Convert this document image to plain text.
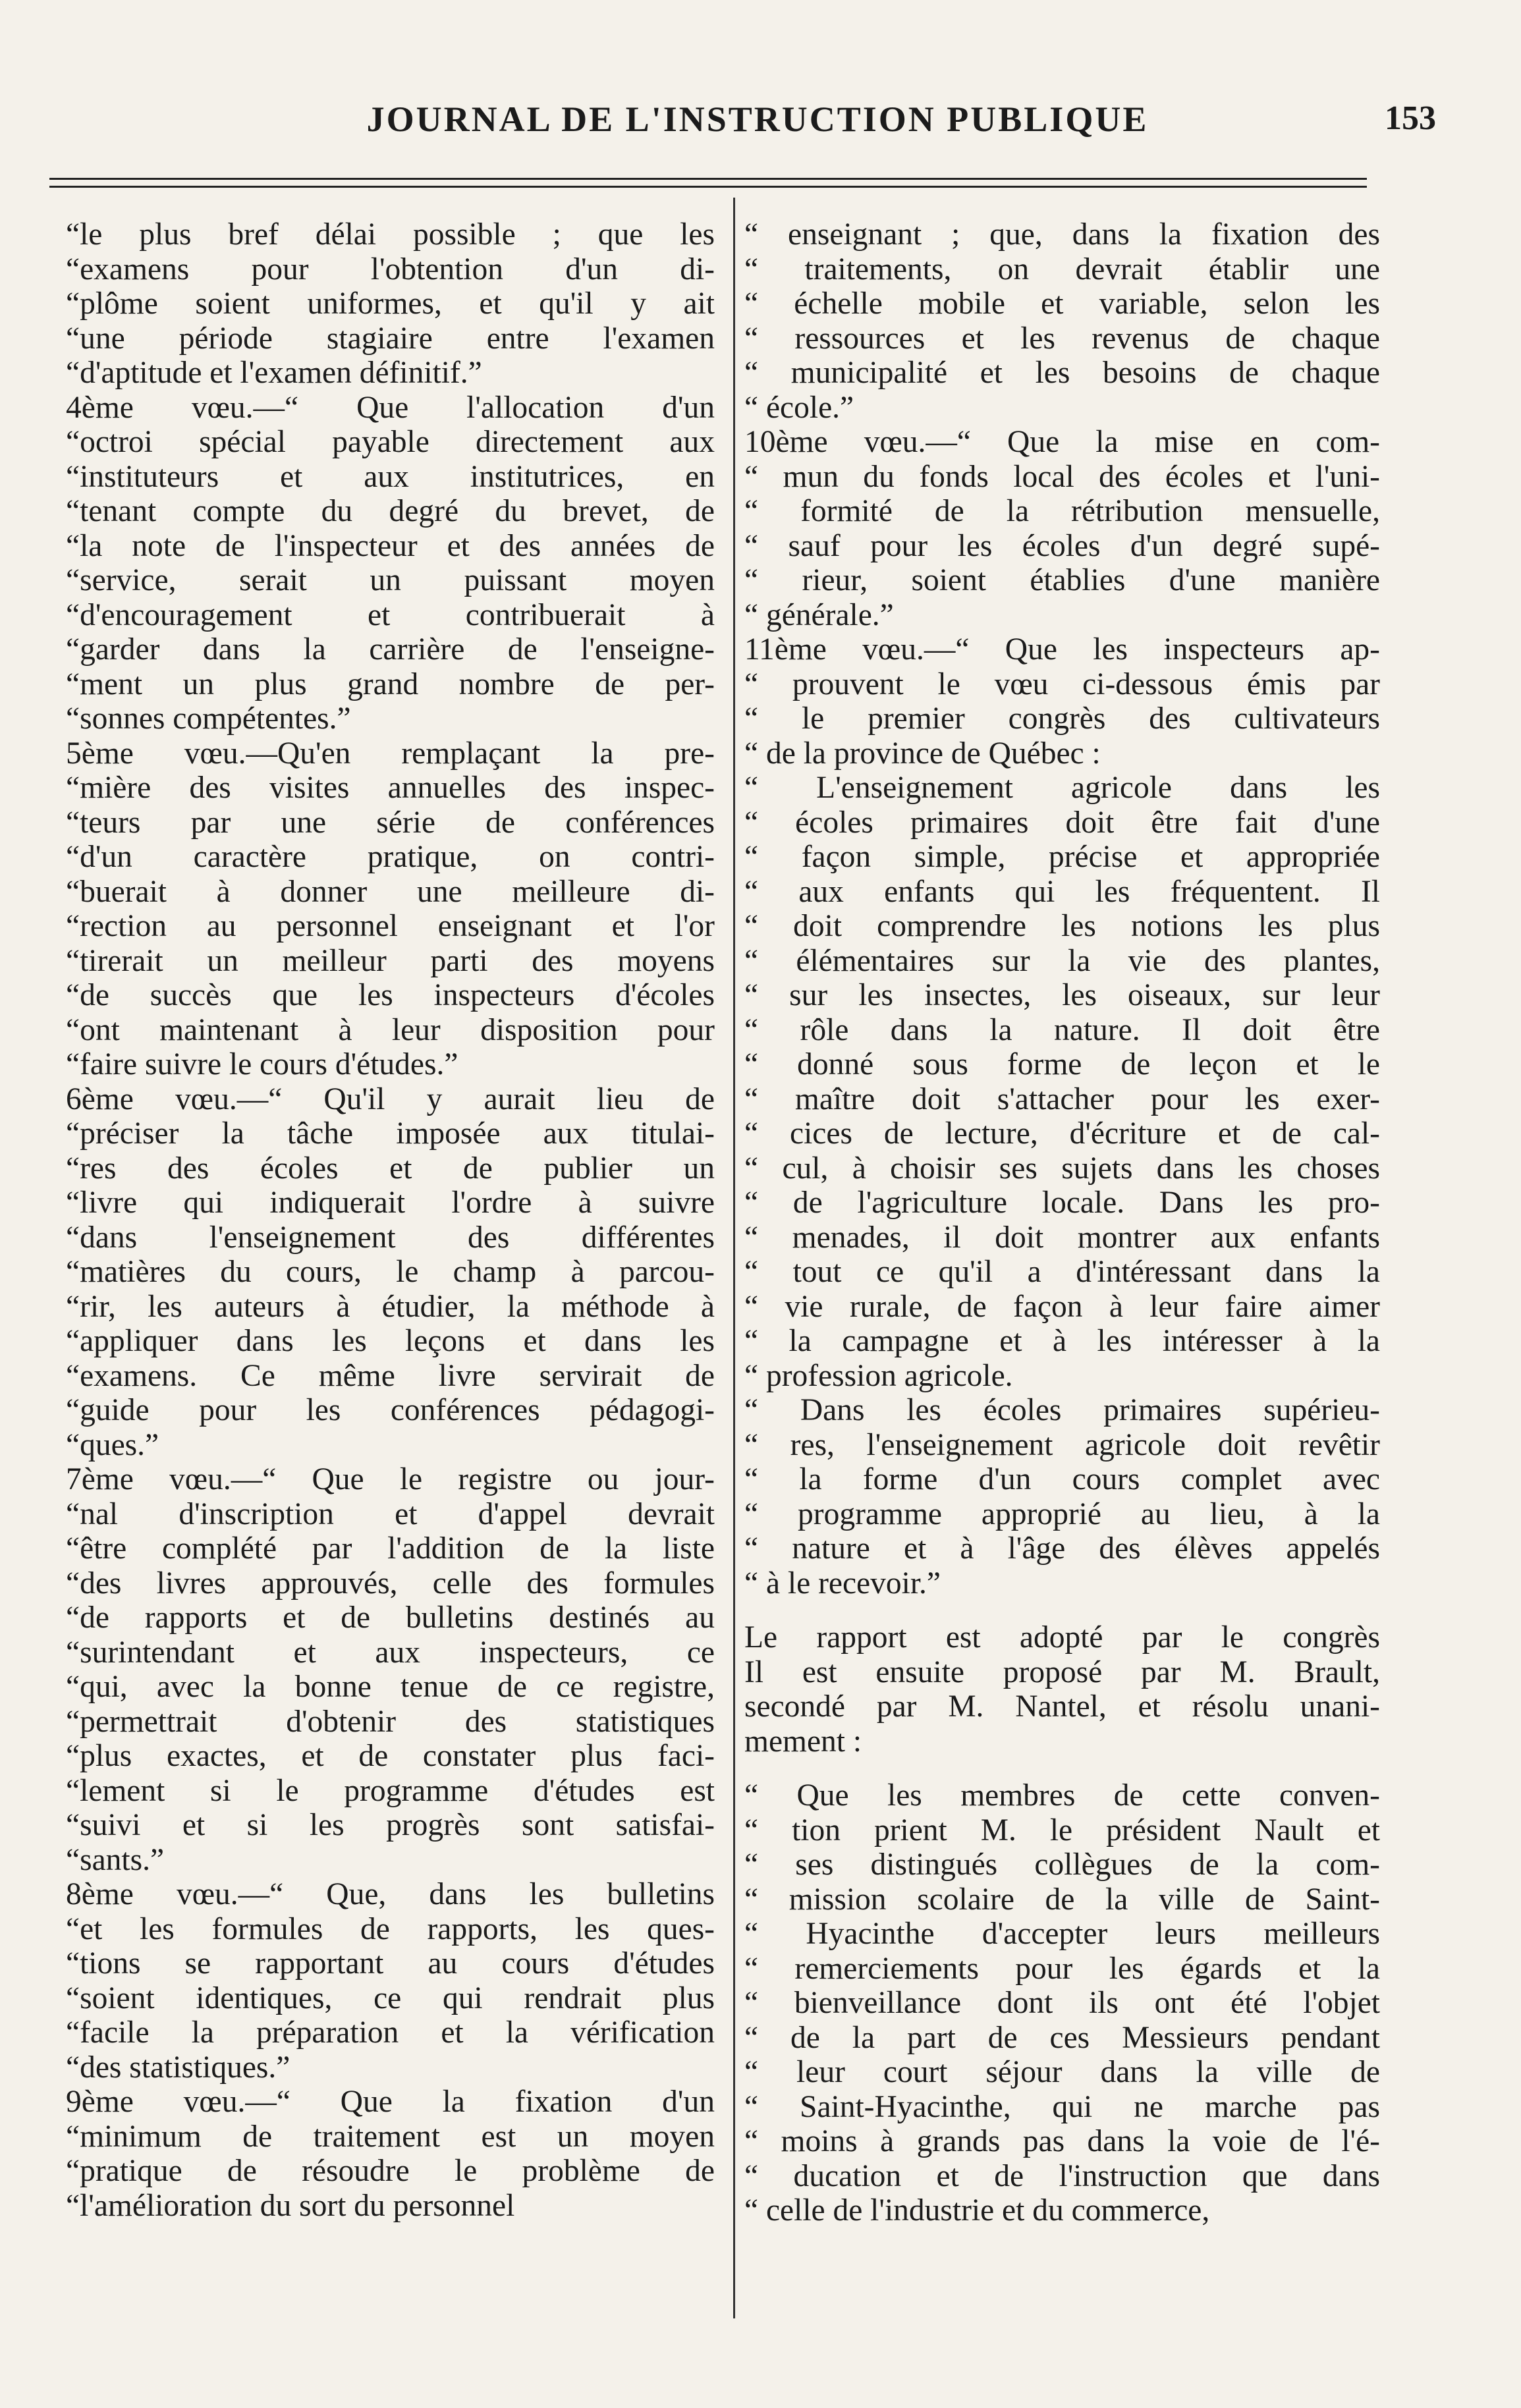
JOURNAL DE L'INSTRUCTION PUBLIQUE	153
“le plus bref délai possible ; que les
“examens pour l'obtention d'un di-
“plôme soient uniformes, et qu'il y ait
“une période stagiaire entre l'examen
“d'aptitude et l'examen définitif.”
4ème vœu.—“ Que l'allocation d'un
“octroi spécial payable directement aux
“instituteurs et aux institutrices, en
“tenant compte du degré du brevet, de
“la note de l'inspecteur et des années de
“service, serait un puissant moyen
“d'encouragement et contribuerait à
“garder dans la carrière de l'enseigne-
“ment un plus grand nombre de per-
“sonnes compétentes.”
5ème vœu.—Qu'en remplaçant la pre-
“mière des visites annuelles des inspec-
“teurs par une série de conférences
“d'un caractère pratique, on contri-
“buerait à donner une meilleure di-
“rection au personnel enseignant et l'or
“tirerait un meilleur parti des moyens
“de succès que les inspecteurs d'écoles
“ont maintenant à leur disposition pour
“faire suivre le cours d'études.”
6ème vœu.—“ Qu'il y aurait lieu de
“préciser la tâche imposée aux titulai-
“res des écoles et de publier un
“livre qui indiquerait l'ordre à suivre
“dans l'enseignement des différentes
“matières du cours, le champ à parcou-
“rir, les auteurs à étudier, la méthode à
“appliquer dans les leçons et dans les
“examens. Ce même livre servirait de
“guide pour les conférences pédagogi-
“ques.”
7ème vœu.—“ Que le registre ou jour-
“nal d'inscription et d'appel devrait
“être complété par l'addition de la liste
“des livres approuvés, celle des formules
“de rapports et de bulletins destinés au
“surintendant et aux inspecteurs, ce
“qui, avec la bonne tenue de ce registre,
“permettrait d'obtenir des statistiques
“plus exactes, et de constater plus faci-
“lement si le programme d'études est
“suivi et si les progrès sont satisfai-
“sants.”
8ème vœu.—“ Que, dans les bulletins
“et les formules de rapports, les ques-
“tions se rapportant au cours d'études
“soient identiques, ce qui rendrait plus
“facile la préparation et la vérification
“des statistiques.”
9ème vœu.—“ Que la fixation d'un
“minimum de traitement est un moyen
“pratique de résoudre le problème de
“l'amélioration du sort du personnel
“ enseignant ; que, dans la fixation des
“ traitements, on devrait établir une
“ échelle mobile et variable, selon les
“ ressources et les revenus de chaque
“ municipalité et les besoins de chaque
“ école.”
10ème vœu.—“ Que la mise en com-
“ mun du fonds local des écoles et l'uni-
“ formité de la rétribution mensuelle,
“ sauf pour les écoles d'un degré supé-
“ rieur, soient établies d'une manière
“ générale.”
11ème vœu.—“ Que les inspecteurs ap-
“ prouvent le vœu ci-dessous émis par
“ le premier congrès des cultivateurs
“ de la province de Québec :
“ L'enseignement agricole dans les
“ écoles primaires doit être fait d'une
“ façon simple, précise et appropriée
“ aux enfants qui les fréquentent. Il
“ doit comprendre les notions les plus
“ élémentaires sur la vie des plantes,
“ sur les insectes, les oiseaux, sur leur
“ rôle dans la nature. Il doit être
“ donné sous forme de leçon et le
“ maître doit s'attacher pour les exer-
“ cices de lecture, d'écriture et de cal-
“ cul, à choisir ses sujets dans les choses
“ de l'agriculture locale. Dans les pro-
“ menades, il doit montrer aux enfants
“ tout ce qu'il a d'intéressant dans la
“ vie rurale, de façon à leur faire aimer
“ la campagne et à les intéresser à la
“ profession agricole.
“ Dans les écoles primaires supérieu-
“ res, l'enseignement agricole doit revêtir
“ la forme d'un cours complet avec
“ programme approprié au lieu, à la
“ nature et à l'âge des élèves appelés
“ à le recevoir.”
Le rapport est adopté par le congrès
Il est ensuite proposé par M. Brault,
secondé par M. Nantel, et résolu unani-
mement :
“ Que les membres de cette conven-
“ tion prient M. le président Nault et
“ ses distingués collègues de la com-
“ mission scolaire de la ville de Saint-
“ Hyacinthe d'accepter leurs meilleurs
“ remerciements pour les égards et la
“ bienveillance dont ils ont été l'objet
“ de la part de ces Messieurs pendant
“ leur court séjour dans la ville de
“ Saint-Hyacinthe, qui ne marche pas
“ moins à grands pas dans la voie de l'é-
“ ducation et de l'instruction que dans
“ celle de l'industrie et du commerce,
